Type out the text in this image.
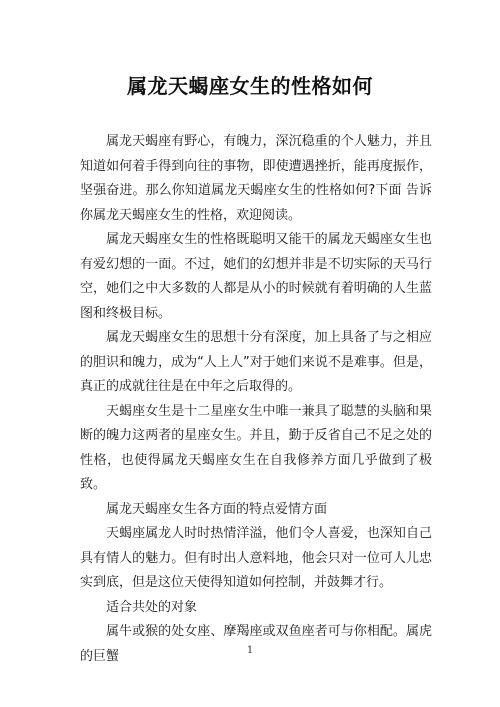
属龙天蝎座女生的性格如何

属龙天蝎座有野心，有魄力，深沉稳重的个人魅力，并且知道如何着手得到向往的事物，即使遭遇挫折，能再度振作，坚强奋进。那么你知道属龙天蝎座女生的性格如何?下面 告诉你属龙天蝎座女生的性格，欢迎阅读。

属龙天蝎座女生的性格既聪明又能干的属龙天蝎座女生也有爱幻想的一面。不过，她们的幻想并非是不切实际的天马行空，她们之中大多数的人都是从小的时候就有着明确的人生蓝图和终极目标。

属龙天蝎座女生的思想十分有深度，加上具备了与之相应的胆识和魄力，成为“人上人”对于她们来说不是难事。但是，真正的成就往往是在中年之后取得的。

天蝎座女生是十二星座女生中唯一兼具了聪慧的头脑和果断的魄力这两者的星座女生。并且，勤于反省自己不足之处的性格，也使得属龙天蝎座女生在自我修养方面几乎做到了极致。

属龙天蝎座女生各方面的特点爱情方面

天蝎座属龙人时时热情洋溢，他们令人喜爱，也深知自己具有情人的魅力。但有时出人意料地，他会只对一位可人儿忠实到底，但是这位天使得知道如何控制，并鼓舞才行。

适合共处的对象

属牛或猴的处女座、摩羯座或双鱼座者可与你相配。属虎的巨蟹	1
